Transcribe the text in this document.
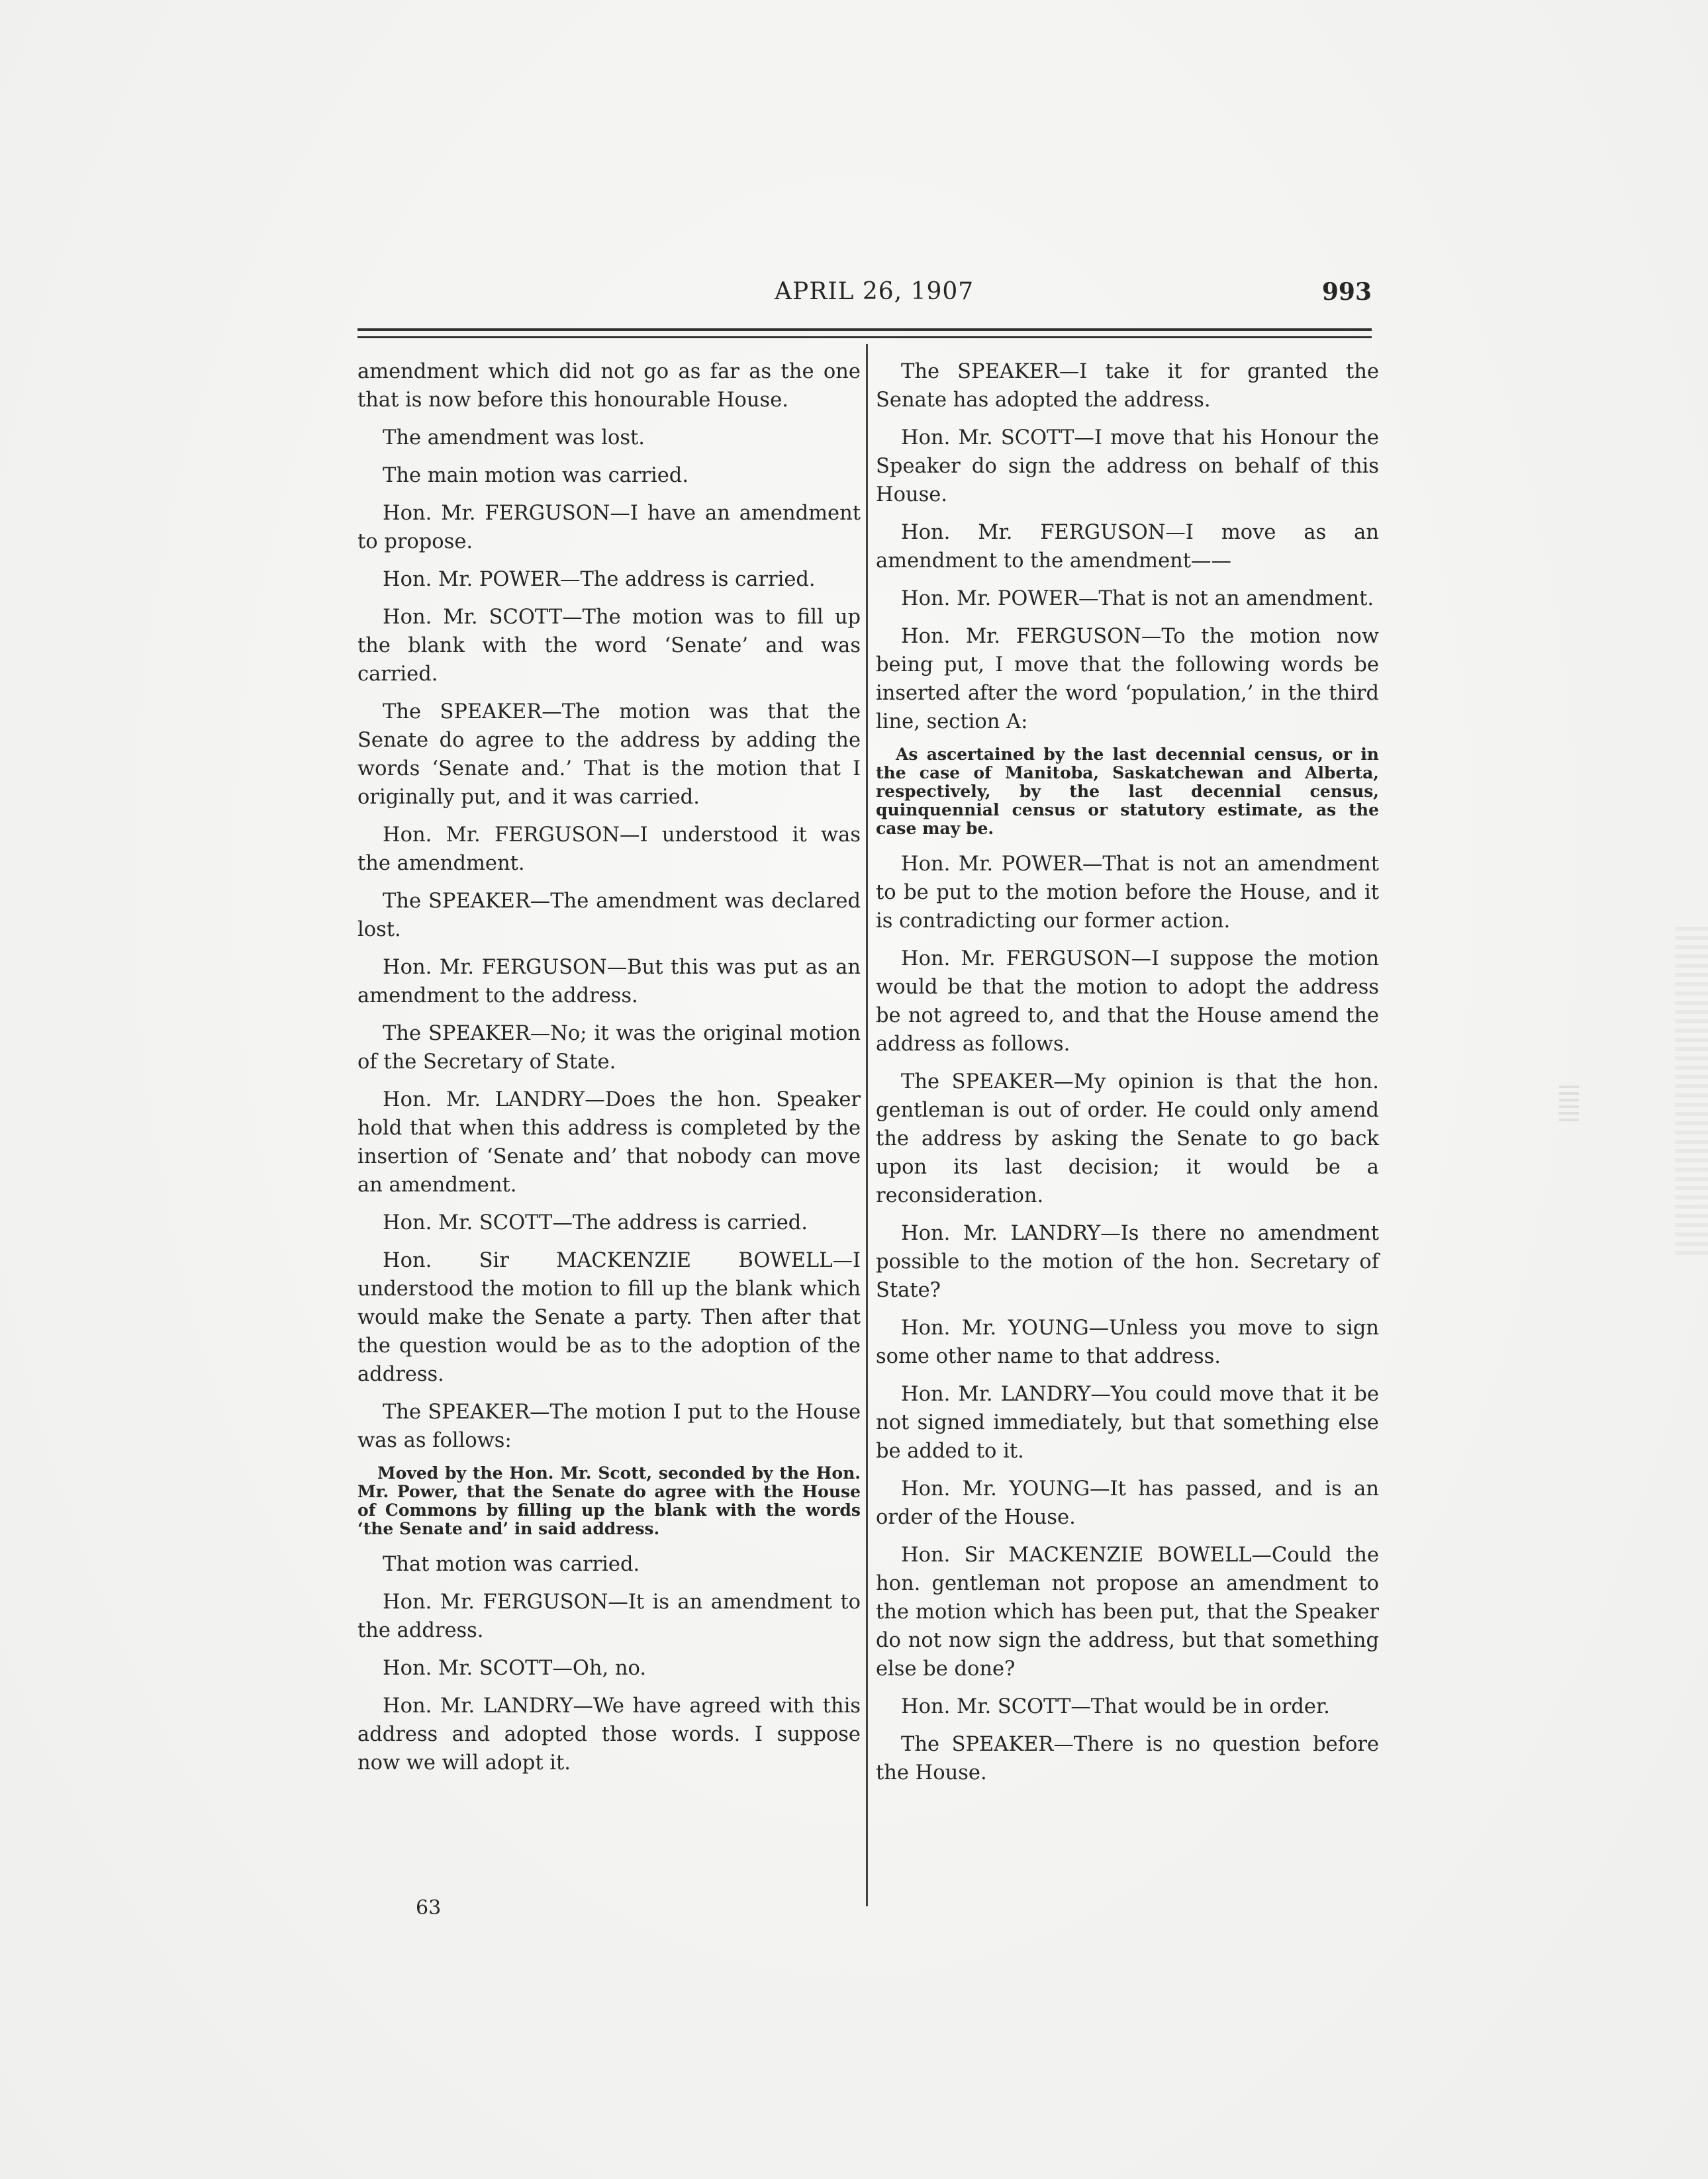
APRIL 26, 1907	993

amendment which did not go as far as the one that is now before this honourable House.

The amendment was lost.

The main motion was carried.

Hon. Mr. FERGUSON—I have an amendment to propose.

Hon. Mr. POWER—The address is carried.

Hon. Mr. SCOTT—The motion was to fill up the blank with the word ‘Senate’ and was carried.

The SPEAKER—The motion was that the Senate do agree to the address by adding the words ‘Senate and.’ That is the motion that I originally put, and it was carried.

Hon. Mr. FERGUSON—I understood it was the amendment.

The SPEAKER—The amendment was declared lost.

Hon. Mr. FERGUSON—But this was put as an amendment to the address.

The SPEAKER—No; it was the original motion of the Secretary of State.

Hon. Mr. LANDRY—Does the hon. Speaker hold that when this address is completed by the insertion of ‘Senate and’ that nobody can move an amendment.

Hon. Mr. SCOTT—The address is carried.

Hon. Sir MACKENZIE BOWELL—I understood the motion to fill up the blank which would make the Senate a party. Then after that the question would be as to the adoption of the address.

The SPEAKER—The motion I put to the House was as follows:

Moved by the Hon. Mr. Scott, seconded by the Hon. Mr. Power, that the Senate do agree with the House of Commons by filling up the blank with the words ‘the Senate and’ in said address.

That motion was carried.

Hon. Mr. FERGUSON—It is an amendment to the address.

Hon. Mr. SCOTT—Oh, no.

Hon. Mr. LANDRY—We have agreed with this address and adopted those words. I suppose now we will adopt it.

The SPEAKER—I take it for granted the Senate has adopted the address.

Hon. Mr. SCOTT—I move that his Honour the Speaker do sign the address on behalf of this House.

Hon. Mr. FERGUSON—I move as an amendment to the amendment——

Hon. Mr. POWER—That is not an amendment.

Hon. Mr. FERGUSON—To the motion now being put, I move that the following words be inserted after the word ‘population,’ in the third line, section A:

As ascertained by the last decennial census, or in the case of Manitoba, Saskatchewan and Alberta, respectively, by the last decennial census, quinquennial census or statutory estimate, as the case may be.

Hon. Mr. POWER—That is not an amendment to be put to the motion before the House, and it is contradicting our former action.

Hon. Mr. FERGUSON—I suppose the motion would be that the motion to adopt the address be not agreed to, and that the House amend the address as follows.

The SPEAKER—My opinion is that the hon. gentleman is out of order. He could only amend the address by asking the Senate to go back upon its last decision; it would be a reconsideration.

Hon. Mr. LANDRY—Is there no amendment possible to the motion of the hon. Secretary of State?

Hon. Mr. YOUNG—Unless you move to sign some other name to that address.

Hon. Mr. LANDRY—You could move that it be not signed immediately, but that something else be added to it.

Hon. Mr. YOUNG—It has passed, and is an order of the House.

Hon. Sir MACKENZIE BOWELL—Could the hon. gentleman not propose an amendment to the motion which has been put, that the Speaker do not now sign the address, but that something else be done?

Hon. Mr. SCOTT—That would be in order.

The SPEAKER—There is no question before the House.

63
